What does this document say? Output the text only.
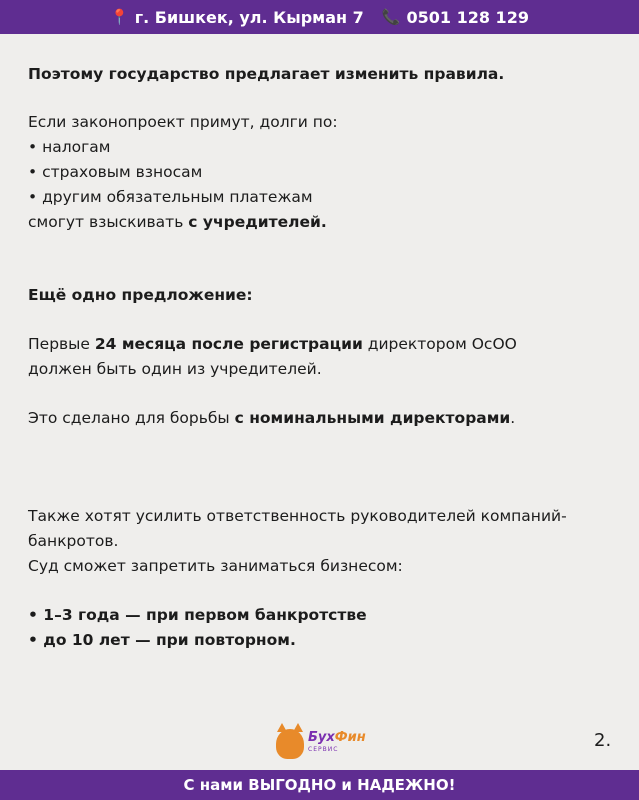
📍 г. Бишкек, ул. Кырман 7 📞 0501 128 129

Поэтому государство предлагает изменить правила.

Если законопроект примут, долги по:

• налогам

• страховым взносам

• другим обязательным платежам

смогут взыскивать с учредителей.

Ещё одно предложение:

Первые 24 месяца после регистрации директором ОсОО

должен быть один из учредителей.

Это сделано для борьбы с номинальными директорами.

Также хотят усилить ответственность руководителей компаний-

банкротов.

Суд сможет запретить заниматься бизнесом:

• 1–3 года — при первом банкротстве

• до 10 лет — при повторном.

БухФин
СЕРВИС	2.
С нами ВЫГОДНО и НАДЕЖНО!
